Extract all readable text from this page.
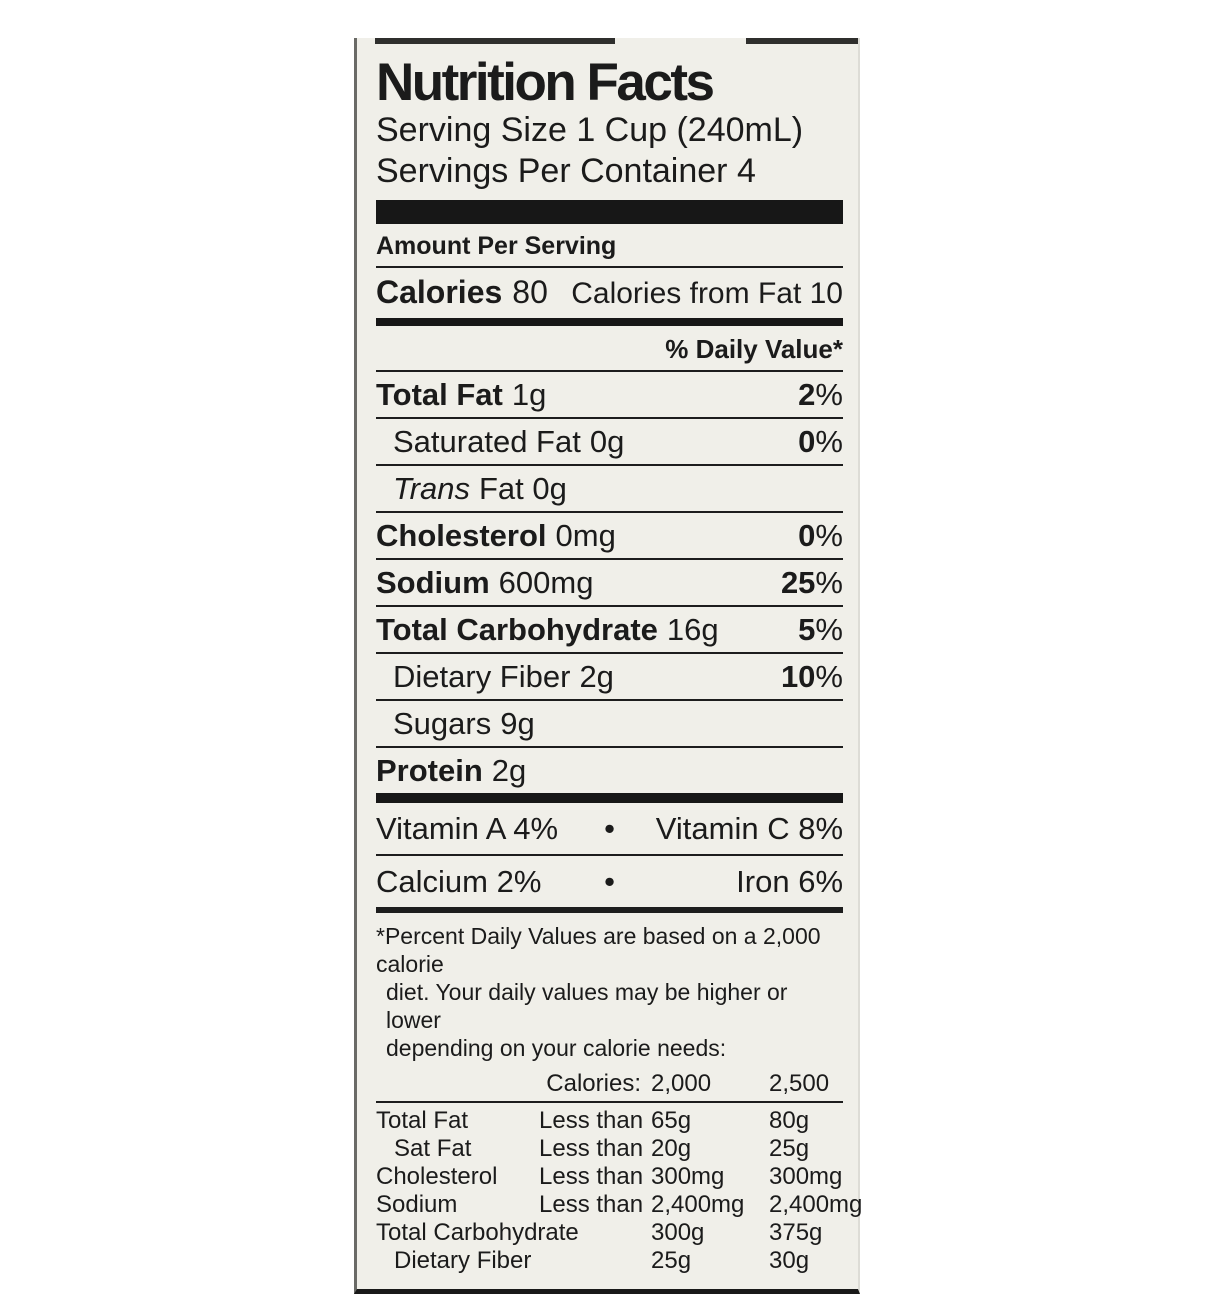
Nutrition Facts
Serving Size 1 Cup (240mL)
Servings Per Container 4
Amount Per Serving
Calories 80 Calories from Fat 10
% Daily Value*
Total Fat 1g	2%
Saturated Fat 0g	0%
Trans Fat 0g
Cholesterol 0mg	0%
Sodium 600mg	25%
Total Carbohydrate 16g	5%
Dietary Fiber 2g	10%
Sugars 9g
Protein 2g
Vitamin A 4%	•	Vitamin C 8%
Calcium 2%	•	Iron 6%
*Percent Daily Values are based on a 2,000 calorie
diet. Your daily values may be higher or lower
depending on your calorie needs:
Calories: 2,000	2,500
Total Fat	Less than 65g	80g
Sat Fat	Less than 20g	25g
Cholesterol	Less than 300mg	300mg
Sodium	Less than 2,400mg	2,400mg
Total Carbohydrate	300g	375g
Dietary Fiber	25g	30g
